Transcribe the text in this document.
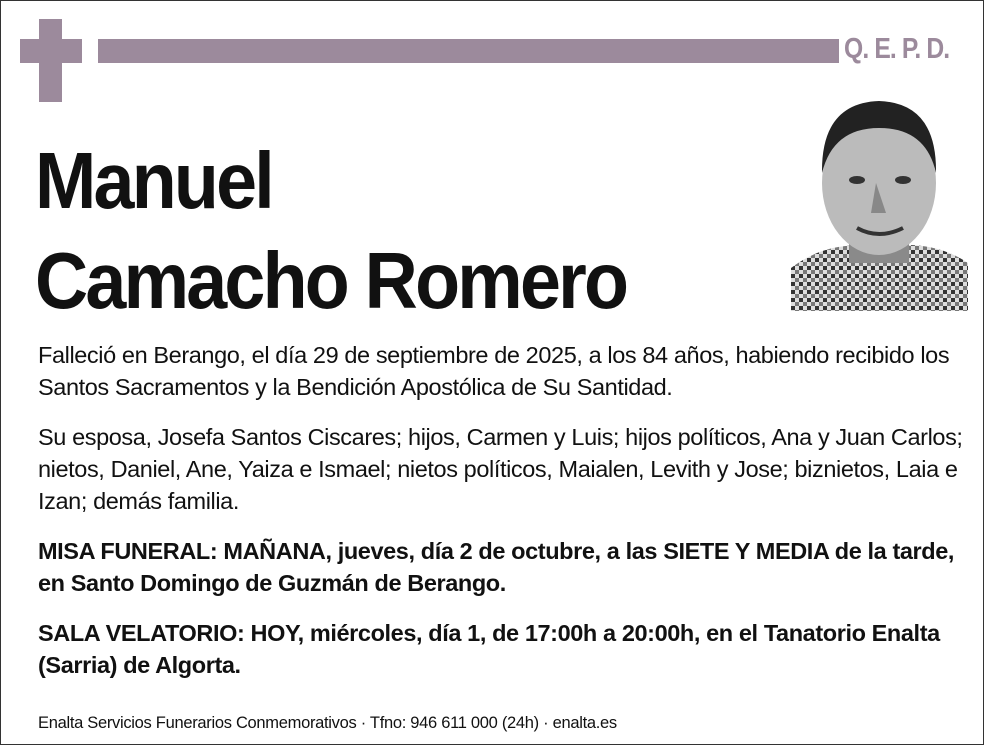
Q. E. P. D.
Manuel
Camacho Romero

Falleció en Berango, el día 29 de septiembre de 2025, a los 84 años, habiendo recibido los Santos Sacramentos y la Bendición Apostólica de Su Santidad.

Su esposa, Josefa Santos Ciscares; hijos, Carmen y Luis; hijos políticos, Ana y Juan Carlos; nietos, Daniel, Ane, Yaiza e Ismael; nietos políticos, Maialen, Levith y Jose; biznietos, Laia e Izan; demás familia.

MISA FUNERAL: MAÑANA, jueves, día 2 de octubre, a las SIETE Y MEDIA de la tarde, en Santo Domingo de Guzmán de Berango.

SALA VELATORIO: HOY, miércoles, día 1, de 17:00h a 20:00h, en el Tanatorio Enalta (Sarria) de Algorta.

Enalta Servicios Funerarios Conmemorativos · Tfno: 946 611 000 (24h) · enalta.es
